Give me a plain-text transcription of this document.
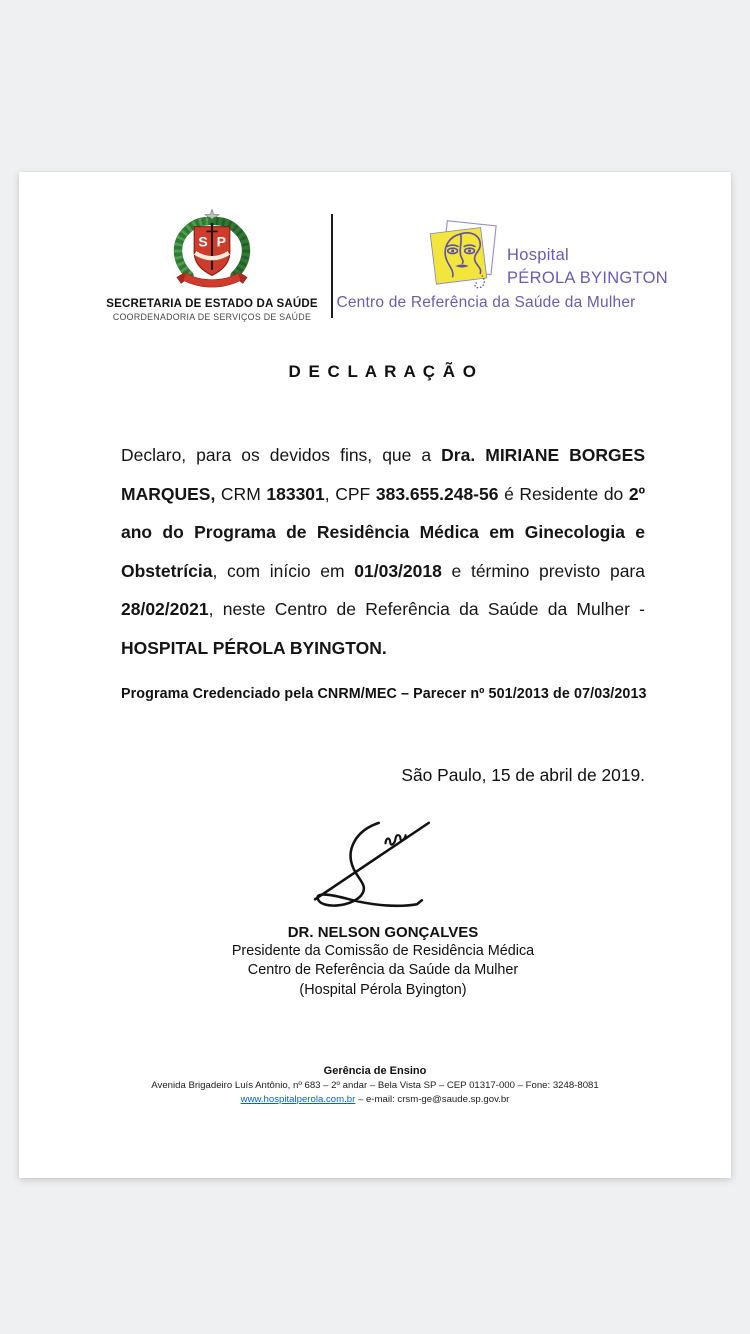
S P
SECRETARIA DE ESTADO DA SAÚDE
COORDENADORIA DE SERVIÇOS DE SAÚDE
Hospital
PÉROLA BYINGTON
Centro de Referência da Saúde da Mulher
D E C L A R A Ç Ã O

Declaro, para os devidos fins, que a Dra. MIRIANE BORGES MARQUES, CRM 183301, CPF 383.655.248-56 é Residente do 2º ano do Programa de Residência Médica em Ginecologia e Obstetrícia, com início em 01/03/2018 e término previsto para 28/02/2021, neste Centro de Referência da Saúde da Mulher - HOSPITAL PÉROLA BYINGTON.

Programa Credenciado pela CNRM/MEC – Parecer nº 501/2013 de 07/03/2013
São Paulo, 15 de abril de 2019.
DR. NELSON GONÇALVES
Presidente da Comissão de Residência Médica
Centro de Referência da Saúde da Mulher
(Hospital Pérola Byington)
Gerência de Ensino
Avenida Brigadeiro Luís Antônio, nº 683 – 2º andar – Bela Vista SP – CEP 01317-000 – Fone: 3248-8081
www.hospitalperola.com.br – e-mail: crsm-ge@saude.sp.gov.br
